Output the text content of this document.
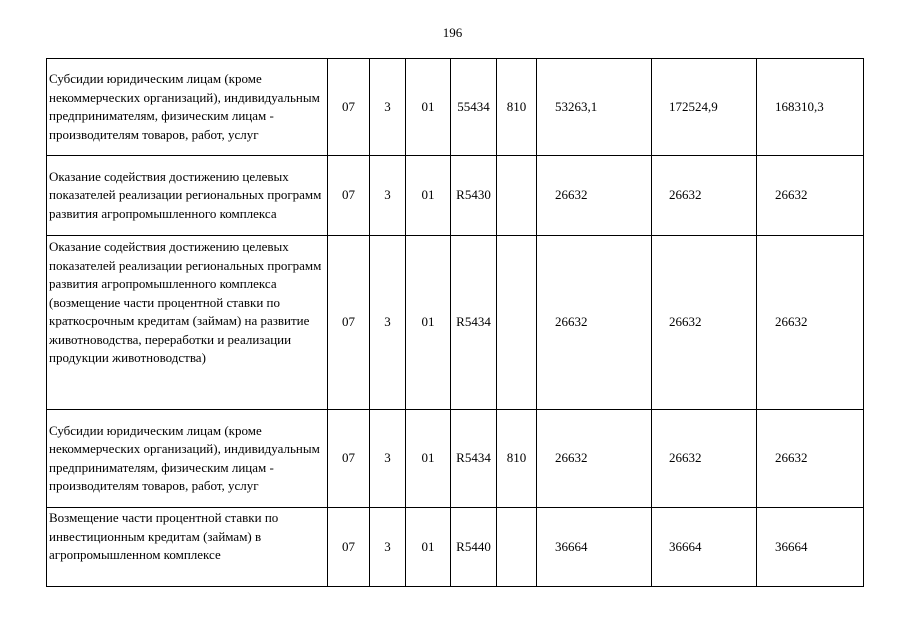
196
Субсидии юридическим лицам (кроме некоммерческих организаций), индивидуальным предпринимателям, физическим лицам - производителям товаров, работ, услуг	07	3	01	55434	810	53263,1	172524,9	168310,3

Оказание содействия достижению целевых показателей реализации региональных программ развития агропромышленного комплекса	07	3	01	R5430		26632	26632	26632

Оказание содействия достижению целевых показателей реализации региональных программ развития агропромышленного комплекса (возмещение части процентной ставки по краткосрочным кредитам (займам) на развитие животноводства, переработки и реализации продукции животноводства)	07	3	01	R5434		26632	26632	26632

Субсидии юридическим лицам (кроме некоммерческих организаций), индивидуальным предпринимателям, физическим лицам - производителям товаров, работ, услуг	07	3	01	R5434	810	26632	26632	26632

Возмещение части процентной ставки по инвестиционным кредитам (займам) в агропромышленном комплексе	07	3	01	R5440		36664	36664	36664
